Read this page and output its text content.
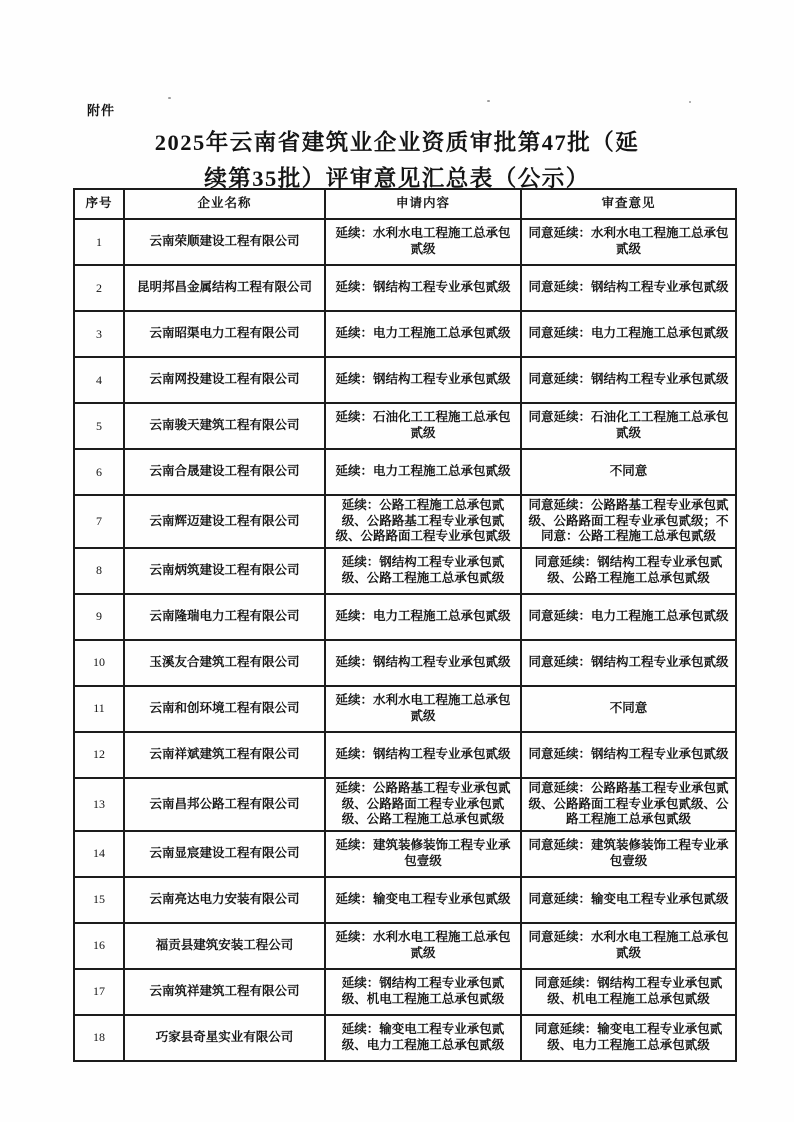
附件
2025年云南省建筑业企业资质审批第47批（延
续第35批）评审意见汇总表（公示）
序号	企业名称	申请内容	审查意见
1	云南荣顺建设工程有限公司	延续：水利水电工程施工总承包贰级	同意延续：水利水电工程施工总承包贰级
2	昆明邦昌金属结构工程有限公司	延续：钢结构工程专业承包贰级	同意延续：钢结构工程专业承包贰级
3	云南昭渠电力工程有限公司	延续：电力工程施工总承包贰级	同意延续：电力工程施工总承包贰级
4	云南网投建设工程有限公司	延续：钢结构工程专业承包贰级	同意延续：钢结构工程专业承包贰级
5	云南骏天建筑工程有限公司	延续：石油化工工程施工总承包贰级	同意延续：石油化工工程施工总承包贰级
6	云南合晟建设工程有限公司	延续：电力工程施工总承包贰级	不同意
7	云南辉迈建设工程有限公司	延续：公路工程施工总承包贰级、公路路基工程专业承包贰级、公路路面工程专业承包贰级	同意延续：公路路基工程专业承包贰级、公路路面工程专业承包贰级；不同意：公路工程施工总承包贰级
8	云南炳筑建设工程有限公司	延续：钢结构工程专业承包贰级、公路工程施工总承包贰级	同意延续：钢结构工程专业承包贰级、公路工程施工总承包贰级
9	云南隆瑞电力工程有限公司	延续：电力工程施工总承包贰级	同意延续：电力工程施工总承包贰级
10	玉溪友合建筑工程有限公司	延续：钢结构工程专业承包贰级	同意延续：钢结构工程专业承包贰级
11	云南和创环境工程有限公司	延续：水利水电工程施工总承包贰级	不同意
12	云南祥斌建筑工程有限公司	延续：钢结构工程专业承包贰级	同意延续：钢结构工程专业承包贰级
13	云南昌邦公路工程有限公司	延续：公路路基工程专业承包贰级、公路路面工程专业承包贰级、公路工程施工总承包贰级	同意延续：公路路基工程专业承包贰级、公路路面工程专业承包贰级、公路工程施工总承包贰级
14	云南显宸建设工程有限公司	延续：建筑装修装饰工程专业承包壹级	同意延续：建筑装修装饰工程专业承包壹级
15	云南亮达电力安装有限公司	延续：输变电工程专业承包贰级	同意延续：输变电工程专业承包贰级
16	福贡县建筑安装工程公司	延续：水利水电工程施工总承包贰级	同意延续：水利水电工程施工总承包贰级
17	云南筑祥建筑工程有限公司	延续：钢结构工程专业承包贰级、机电工程施工总承包贰级	同意延续：钢结构工程专业承包贰级、机电工程施工总承包贰级
18	巧家县奇星实业有限公司	延续：输变电工程专业承包贰级、电力工程施工总承包贰级	同意延续：输变电工程专业承包贰级、电力工程施工总承包贰级
